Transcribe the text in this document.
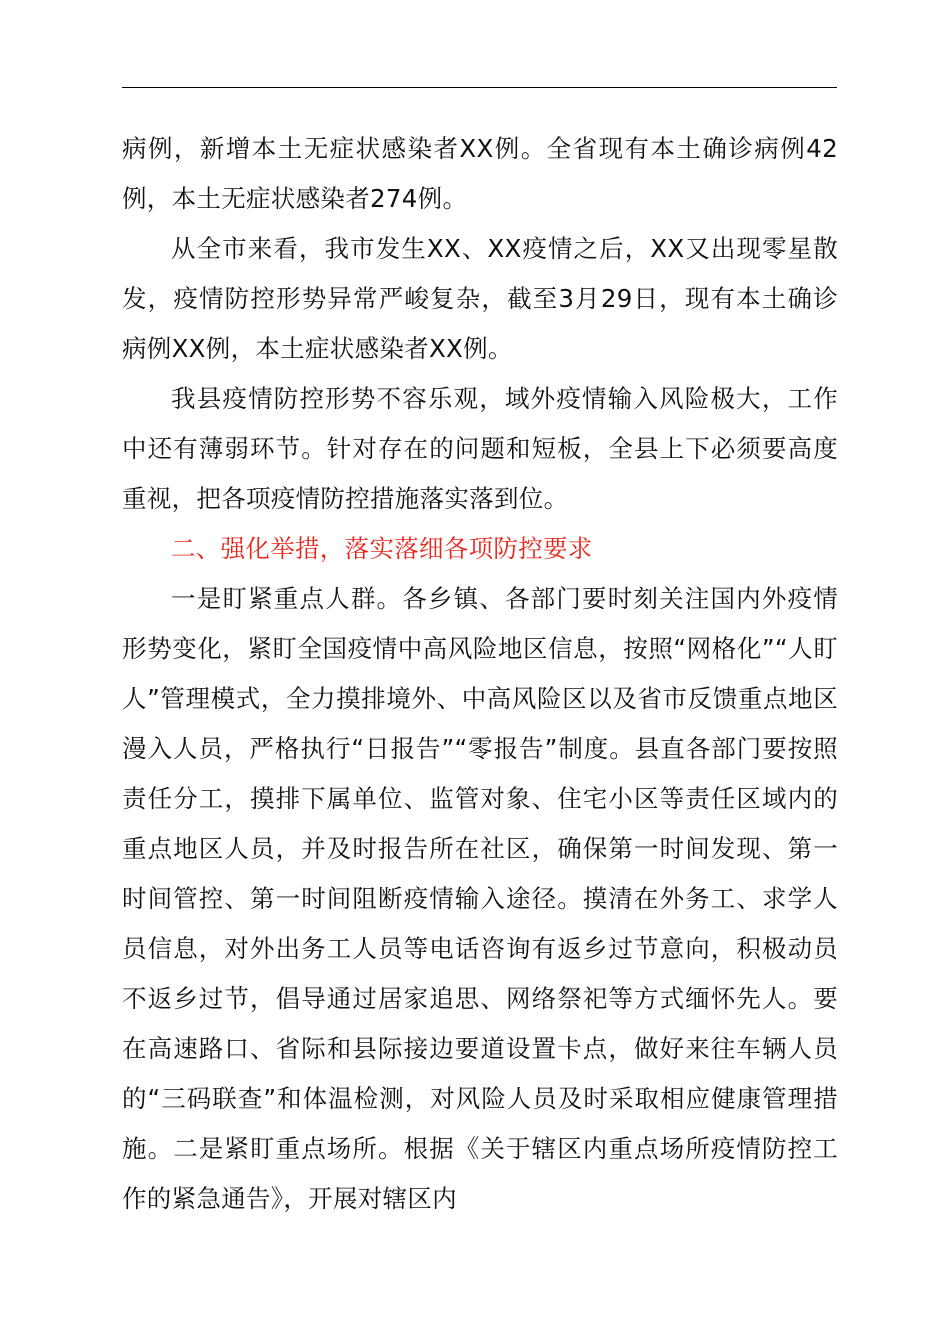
病例，新增本土无症状感染者XX例。全省现有本土确诊病例42例，本土无症状感染者274例。

从全市来看，我市发生XX、XX疫情之后，XX又出现零星散发，疫情防控形势异常严峻复杂，截至3月29日，现有本土确诊病例XX例，本土症状感染者XX例。

我县疫情防控形势不容乐观，域外疫情输入风险极大，工作中还有薄弱环节。针对存在的问题和短板，全县上下必须要高度重视，把各项疫情防控措施落实落到位。

二、强化举措，落实落细各项防控要求

一是盯紧重点人群。各乡镇、各部门要时刻关注国内外疫情形势变化，紧盯全国疫情中高风险地区信息，按照“网格化”“人盯人”管理模式，全力摸排境外、中高风险区以及省市反馈重点地区漫入人员，严格执行“日报告”“零报告”制度。县直各部门要按照责任分工，摸排下属单位、监管对象、住宅小区等责任区域内的重点地区人员，并及时报告所在社区，确保第一时间发现、第一时间管控、第一时间阻断疫情输入途径。摸清在外务工、求学人员信息，对外出务工人员等电话咨询有返乡过节意向，积极动员不返乡过节，倡导通过居家追思、网络祭祀等方式缅怀先人。要在高速路口、省际和县际接边要道设置卡点，做好来往车辆人员的“三码联查”和体温检测，对风险人员及时采取相应健康管理措施。二是紧盯重点场所。根据《关于辖区内重点场所疫情防控工作的紧急通告》，开展对辖区内
